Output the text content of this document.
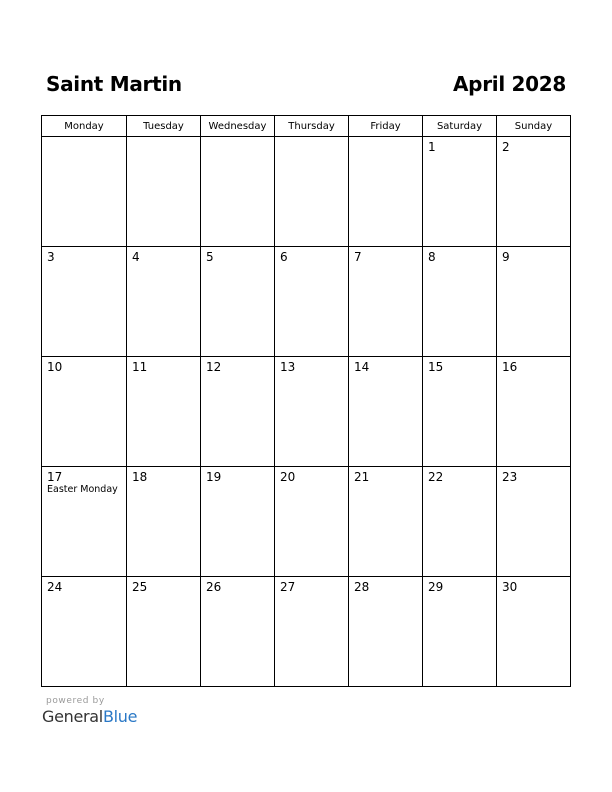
Saint Martin	April 2028
Monday	Tuesday	Wednesday	Thursday	Friday	Saturday	Sunday

					1	2

3	4	5	6	7	8	9

10	11	12	13	14	15	16

17
Easter Monday	18	19	20	21	22	23

24	25	26	27	28	29	30
powered by
GeneralBlue
